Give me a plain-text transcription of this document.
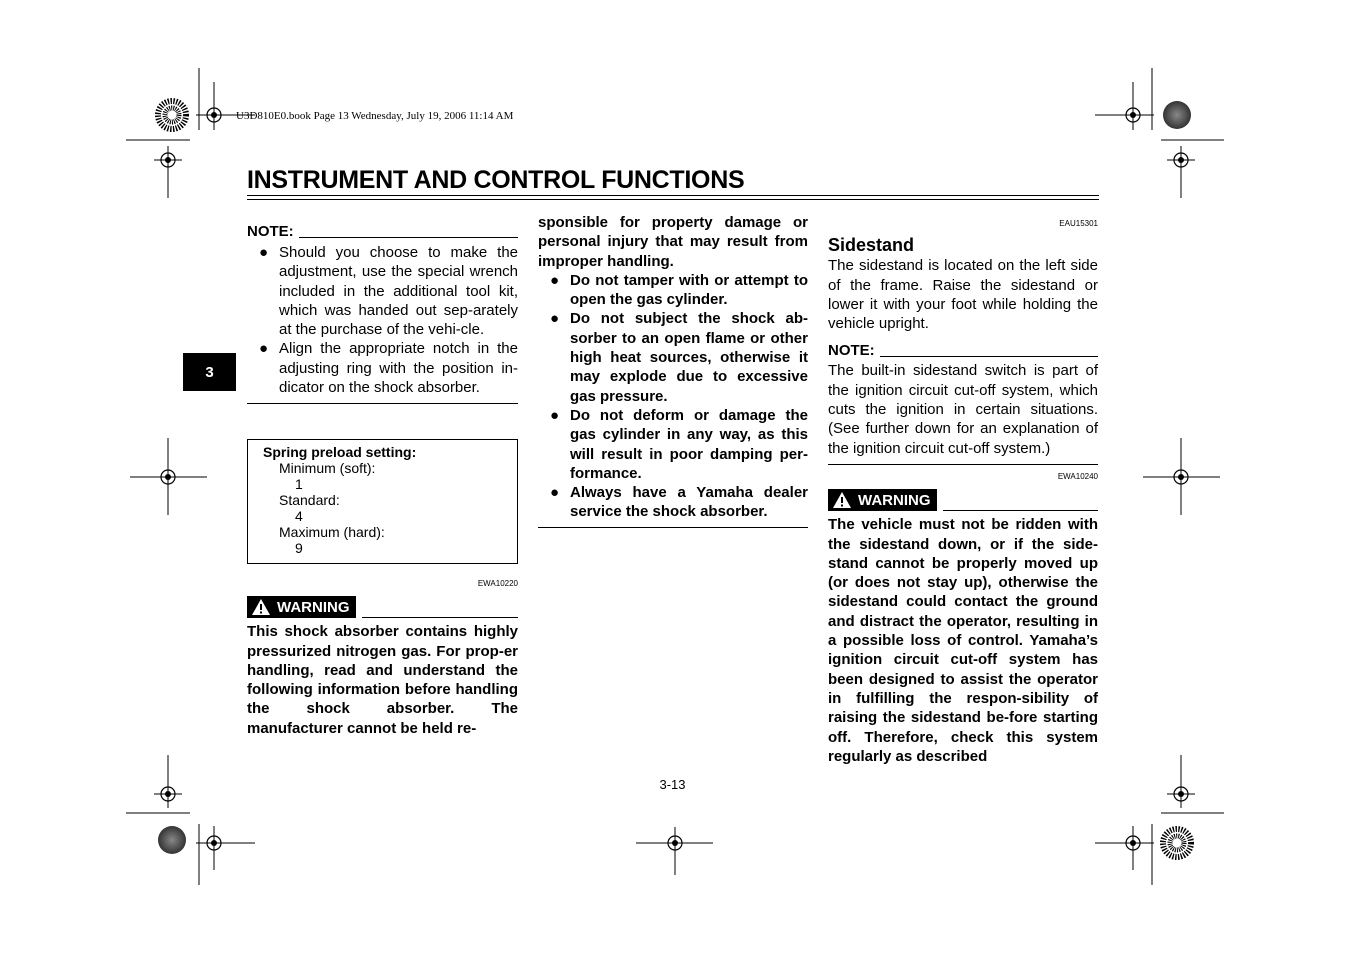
U3D810E0.book Page 13 Wednesday, July 19, 2006 11:14 AM
INSTRUMENT AND CONTROL FUNCTIONS
3
NOTE:
● Should you choose to make the adjustment, use the special wrench included in the additional tool kit, which was handed out sep-arately at the purchase of the vehi-cle.
● Align the appropriate notch in the adjusting ring with the position in-dicator on the shock absorber.
Spring preload setting:
Minimum (soft):
1
Standard:
4
Maximum (hard):
9
EWA10220
WARNING
This shock absorber contains highly pressurized nitrogen gas. For prop-er handling, read and understand the following information before handling the shock absorber. The manufacturer cannot be held re-
sponsible for property damage or personal injury that may result from improper handling.
● Do not tamper with or attempt to open the gas cylinder.
● Do not subject the shock ab-sorber to an open flame or other high heat sources, otherwise it may explode due to excessive gas pressure.
● Do not deform or damage the gas cylinder in any way, as this will result in poor damping per-formance.
● Always have a Yamaha dealer service the shock absorber.
EAU15301
Sidestand
The sidestand is located on the left side of the frame. Raise the sidestand or lower it with your foot while holding the vehicle upright.
NOTE:
The built-in sidestand switch is part of the ignition circuit cut-off system, which cuts the ignition in certain situations. (See further down for an explanation of the ignition circuit cut-off system.)
EWA10240
WARNING
The vehicle must not be ridden with the sidestand down, or if the side-stand cannot be properly moved up (or does not stay up), otherwise the sidestand could contact the ground and distract the operator, resulting in a possible loss of control. Yamaha’s ignition circuit cut-off system has been designed to assist the operator in fulfilling the respon-sibility of raising the sidestand be-fore starting off. Therefore, check this system regularly as described
3-13
